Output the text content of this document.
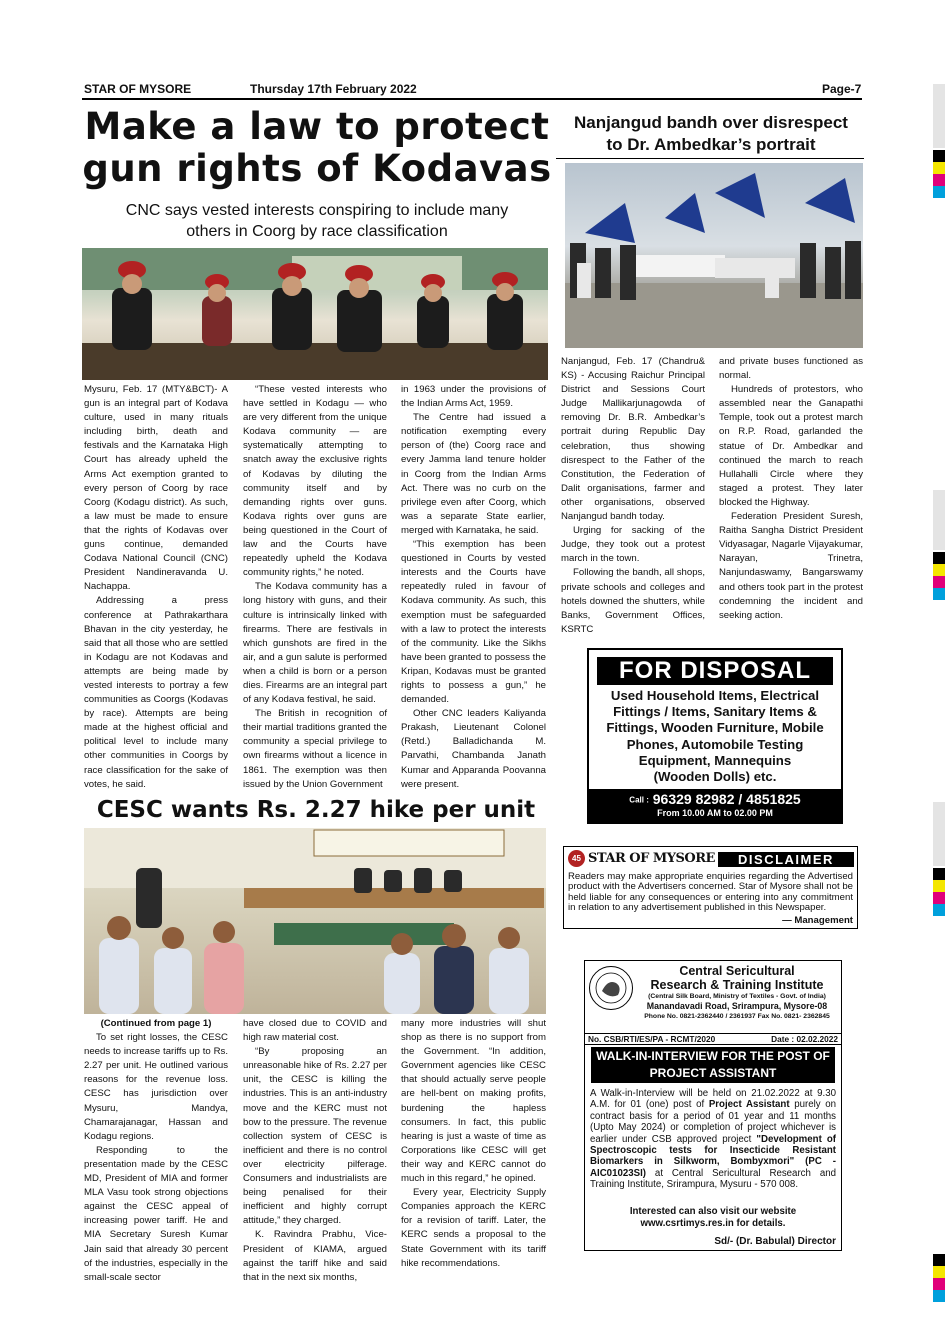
STAR OF MYSORE	Thursday 17th February 2022	Page-7
Make a law to protect
gun rights of Kodavas
CNC says vested interests conspiring to include many
others in Coorg by race classification

Mysuru, Feb. 17 (MTY&BCT)- A gun is an integral part of Kodava culture, used in many rituals including birth, death and festivals and the Karnataka High Court has already upheld the Arms Act exemption granted to every person of Coorg by race Coorg (Kodagu district). As such, a law must be made to ensure that the rights of Kodavas over guns continue, demanded Codava National Council (CNC) President Nandineravanda U. Nachappa.

Addressing a press conference at Pathrakarthara Bhavan in the city yesterday, he said that all those who are settled in Kodagu are not Kodavas and attempts are being made by vested interests to portray a few communities as Coorgs (Kodavas by race). Attempts are being made at the highest official and political level to include many other communities in Coorgs by race classification for the sake of votes, he said.

“These vested interests who have settled in Kodagu — who are very different from the unique Kodava community — are systematically attempting to snatch away the exclusive rights of Kodavas by diluting the community itself and by demanding rights over guns. Kodava rights over guns are being questioned in the Court of law and the Courts have repeatedly upheld the Kodava community rights,” he noted.

The Kodava community has a long history with guns, and their culture is intrinsically linked with firearms. There are festivals in which gunshots are fired in the air, and a gun salute is performed when a child is born or a person dies. Firearms are an integral part of any Kodava festival, he said.

The British in recognition of their martial traditions granted the community a special privilege to own firearms without a licence in 1861. The exemption was then issued by the Union Government

in 1963 under the provisions of the Indian Arms Act, 1959.

The Centre had issued a notification exempting every person of (the) Coorg race and every Jamma land tenure holder in Coorg from the Indian Arms Act. There was no curb on the privilege even after Coorg, which was a separate State earlier, merged with Karnataka, he said.

“This exemption has been questioned in Courts by vested interests and the Courts have repeatedly ruled in favour of Kodava community. As such, this exemption must be safeguarded with a law to protect the interests of the community. Like the Sikhs have been granted to possess the Kripan, Kodavas must be granted rights to possess a gun,” he demanded.

Other CNC leaders Kaliyanda Prakash, Lieutenant Colonel (Retd.) Balladichanda M. Parvathi, Chambanda Janath Kumar and Apparanda Poovanna were present.

Nanjangud bandh over disrespect
to Dr. Ambedkar’s portrait

Nanjangud, Feb. 17 (Chandru& KS) - Accusing Raichur Principal District and Sessions Court Judge Mallikarjunagowda of removing Dr. B.R. Ambedkar’s portrait during Republic Day celebration, thus showing disrespect to the Father of the Constitution, the Federation of Dalit organisations, farmer and other organisations, observed Nanjangud bandh today.

Urging for sacking of the Judge, they took out a protest march in the town.

Following the bandh, all shops, private schools and colleges and hotels downed the shutters, while Banks, Government Offices, KSRTC

and private buses functioned as normal.

Hundreds of protestors, who assembled near the Ganapathi Temple, took out a protest march on R.P. Road, garlanded the statue of Dr. Ambedkar and continued the march to reach Hullahalli Circle where they staged a protest. They later blocked the Highway.

Federation President Suresh, Raitha Sangha District President Vidyasagar, Nagarle Vijayakumar, Narayan, Trinetra, Nanjundaswamy, Bangarswamy and others took part in the protest condemning the incident and seeking action.

FOR DISPOSAL
Used Household Items, Electrical
Fittings / Items, Sanitary Items &
Fittings, Wooden Furniture, Mobile
Phones, Automobile Testing
Equipment, Mannequins
(Wooden Dolls) etc.
Call : 96329 82982 / 4851825
From 10.00 AM to 02.00 PM
45 STAR OF MYSORE	DISCLAIMER
Readers may make appropriate enquiries regarding the Advertised product with the Advertisers concerned. Star of Mysore shall not be held liable for any consequences or entering into any commitment in relation to any advertisement published in this Newspaper.
— Management
Central Sericultural
Research & Training Institute
(Central Silk Board, Ministry of Textiles - Govt. of India)
Manandavadi Road, Srirampura, Mysore-08
Phone No. 0821-2362440 / 2361937 Fax No. 0821- 2362845
No. CSB/RTI/ES/PA - RCMT/2020	Date : 02.02.2022
WALK-IN-INTERVIEW FOR THE POST OF
PROJECT ASSISTANT
A Walk-in-Interview will be held on 21.02.2022 at 9.30 A.M. for 01 (one) post of Project Assistant purely on contract basis for a period of 01 year and 11 months (Upto May 2024) or completion of project whichever is earlier under CSB approved project "Development of Spectroscopic tests for Insecticide Resistant Biomarkers in Silkworm, Bombyxmori" (PC - AIC01023SI) at Central Sericultural Research and Training Institute, Srirampura, Mysuru - 570 008.
Interested can also visit our website
www.csrtimys.res.in for details.
Sd/- (Dr. Babulal) Director
CESC wants Rs. 2.27 hike per unit

(Continued from page 1)

To set right losses, the CESC needs to increase tariffs up to Rs. 2.27 per unit. He outlined various reasons for the revenue loss. CESC has jurisdiction over Mysuru, Mandya, Chamarajanagar, Hassan and Kodagu regions.

Responding to the presentation made by the CESC MD, President of MIA and former MLA Vasu took strong objections against the CESC appeal of increasing power tariff. He and MIA Secretary Suresh Kumar Jain said that already 30 percent of the industries, especially in the small-scale sector

have closed due to COVID and high raw material cost.

“By proposing an unreasonable hike of Rs. 2.27 per unit, the CESC is killing the industries. This is an anti-industry move and the KERC must not bow to the pressure. The revenue collection system of CESC is inefficient and there is no control over electricity pilferage. Consumers and industrialists are being penalised for their inefficient and highly corrupt attitude,” they charged.

K. Ravindra Prabhu, Vice-President of KIAMA, argued against the tariff hike and said that in the next six months,

many more industries will shut shop as there is no support from the Government. “In addition, Government agencies like CESC that should actually serve people are hell-bent on making profits, burdening the hapless consumers. In fact, this public hearing is just a waste of time as Corporations like CESC will get their way and KERC cannot do much in this regard,” he opined.

Every year, Electricity Supply Companies approach the KERC for a revision of tariff. Later, the KERC sends a proposal to the State Government with its tariff hike recommendations.
